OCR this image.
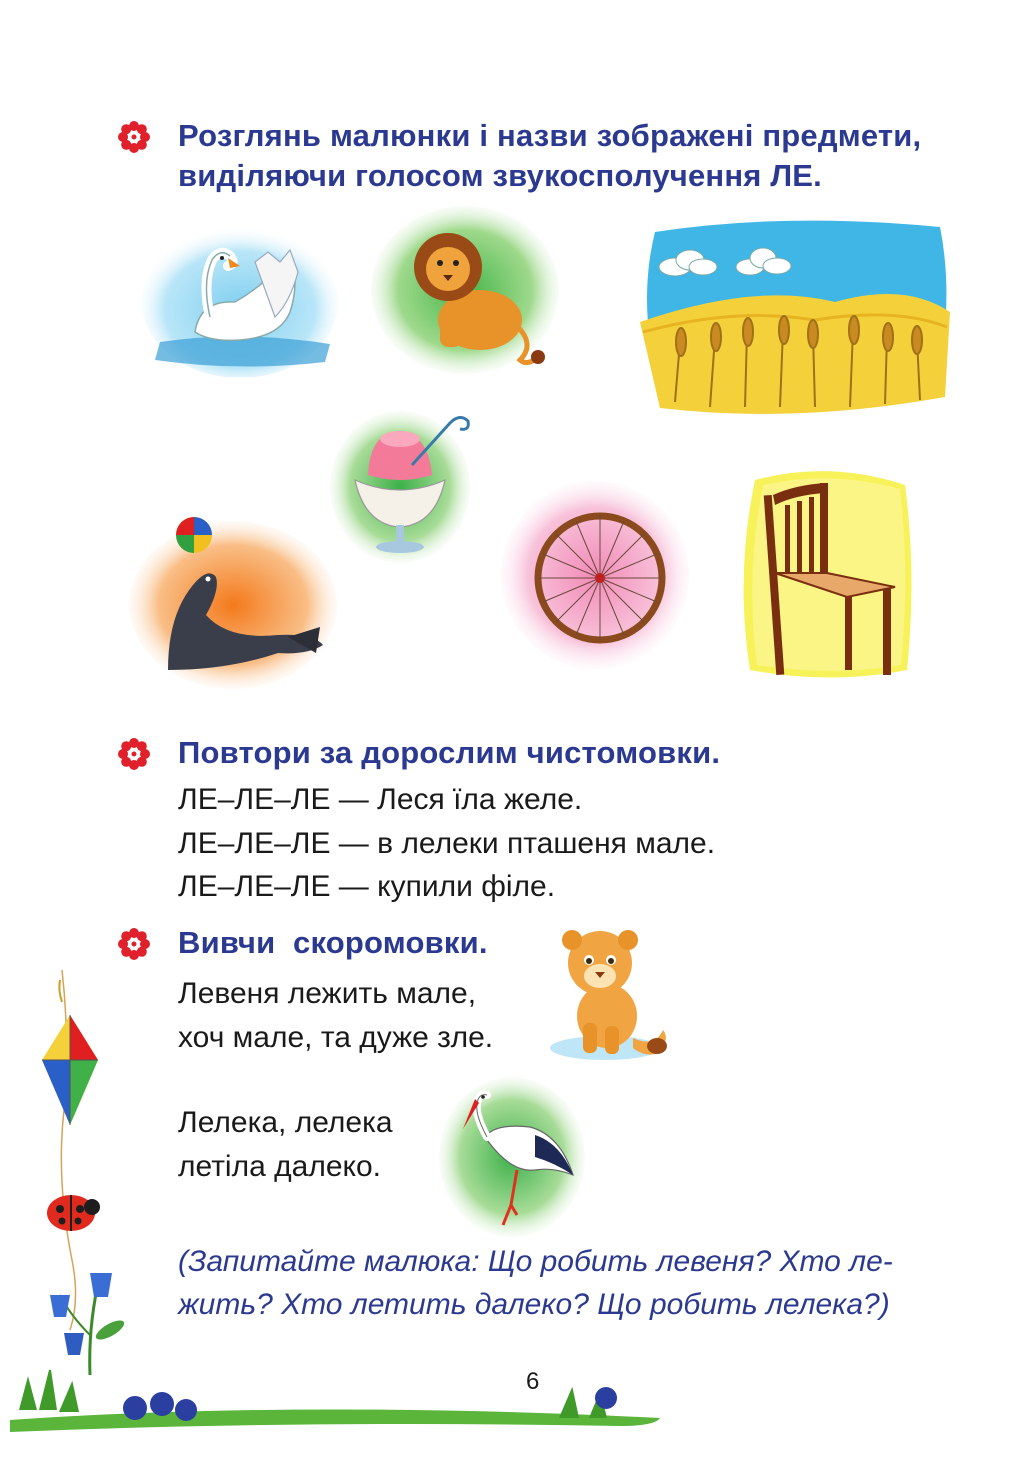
Розглянь малюнки і назви зображені предмети,
виділяючи голосом звукосполучення ЛЕ.
Повтори за дорослим чистомовки.
ЛЕ–ЛЕ–ЛЕ — Леся їла желе.
ЛЕ–ЛЕ–ЛЕ — в лелеки пташеня мале.
ЛЕ–ЛЕ–ЛЕ — купили філе.
Вивчи  скоромовки.
Левеня лежить мале,
хоч мале, та дуже зле.
Лелека, лелека
летіла далеко.
(Запитайте малюка: Що робить левеня? Хто ле-
жить? Хто летить далеко? Що робить лелека?)
6
